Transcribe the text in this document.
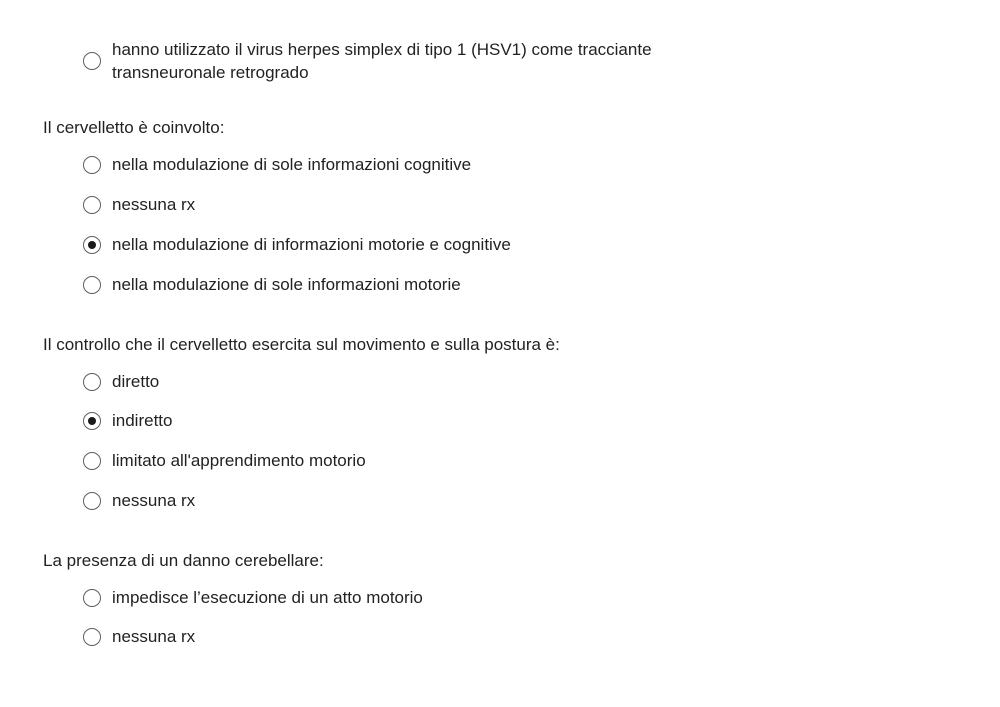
hanno utilizzato il virus herpes simplex di tipo 1 (HSV1) come tracciante
transneuronale retrogrado
Il cervelletto è coinvolto:
nella modulazione di sole informazioni cognitive
nessuna rx
nella modulazione di informazioni motorie e cognitive
nella modulazione di sole informazioni motorie
Il controllo che il cervelletto esercita sul movimento e sulla postura è:
diretto
indiretto
limitato all'apprendimento motorio
nessuna rx
La presenza di un danno cerebellare:
impedisce l’esecuzione di un atto motorio
nessuna rx
